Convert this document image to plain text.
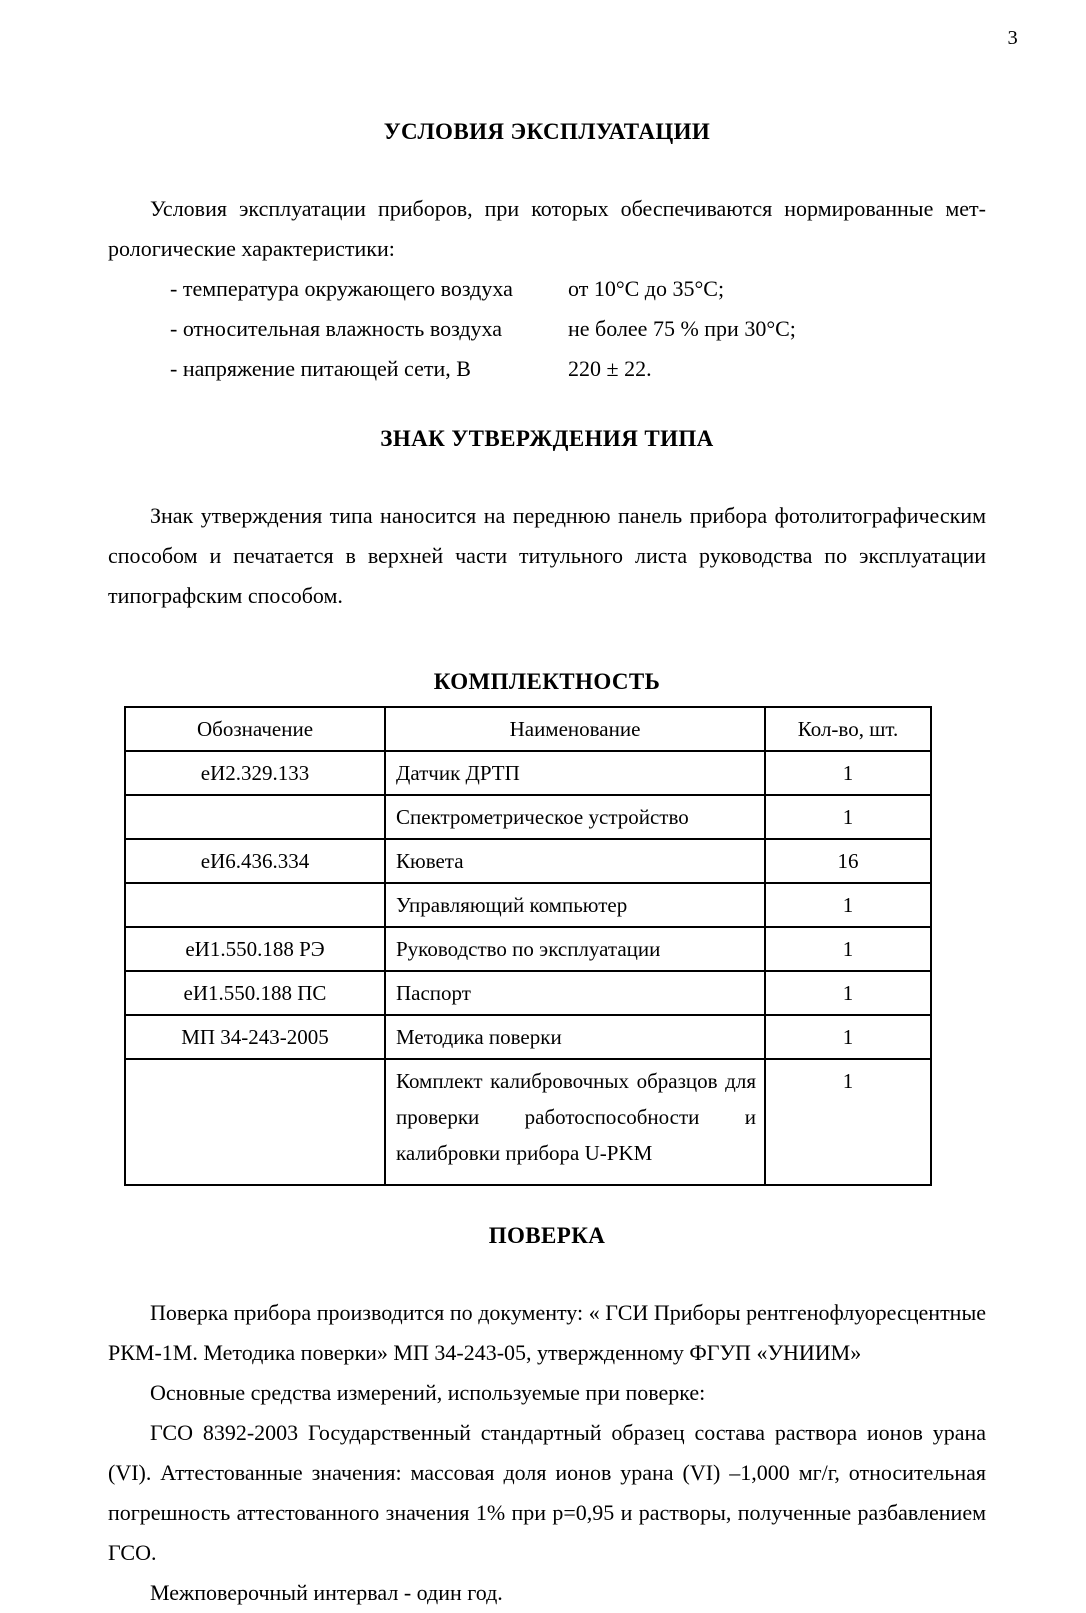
3
УСЛОВИЯ ЭКСПЛУАТАЦИИ

Условия эксплуатации приборов, при которых обеспечиваются нормированные мет-рологические характеристики:

- температура окружающего воздуха	от 10°С до 35°С;
- относительная влажность воздуха	не более 75 % при 30°С;
- напряжение питающей сети, В	220 ± 22.
ЗНАК УТВЕРЖДЕНИЯ ТИПА

Знак утверждения типа наносится на переднюю панель прибора фотолитографическим способом и печатается в верхней части титульного листа руководства по эксплуатации типографским способом.

КОМПЛЕКТНОСТЬ
Обозначение	Наименование	Кол-во, шт.
еИ2.329.133	Датчик ДРТП	1
	Спектрометрическое устройство	1
еИ6.436.334	Кювета	16
	Управляющий компьютер	1
еИ1.550.188 РЭ	Руководство по эксплуатации	1
еИ1.550.188 ПС	Паспорт	1
МП 34-243-2005	Методика поверки	1
	Комплект калибровочных образцов для проверки работоспособности и калибровки прибора U-PKM	1
ПОВЕРКА

Поверка прибора производится по документу: « ГСИ Приборы рентгенофлуоресцентные РКМ-1М. Методика поверки» МП 34-243-05, утвержденному ФГУП «УНИИМ»

Основные средства измерений, используемые при поверке:

ГСО 8392-2003 Государственный стандартный образец состава раствора ионов урана (VI). Аттестованные значения: массовая доля ионов урана (VI) –1,000 мг/г, относительная погрешность аттестованного значения 1% при р=0,95 и растворы, полученные разбавлением ГСО.

Межповерочный интервал - один год.
